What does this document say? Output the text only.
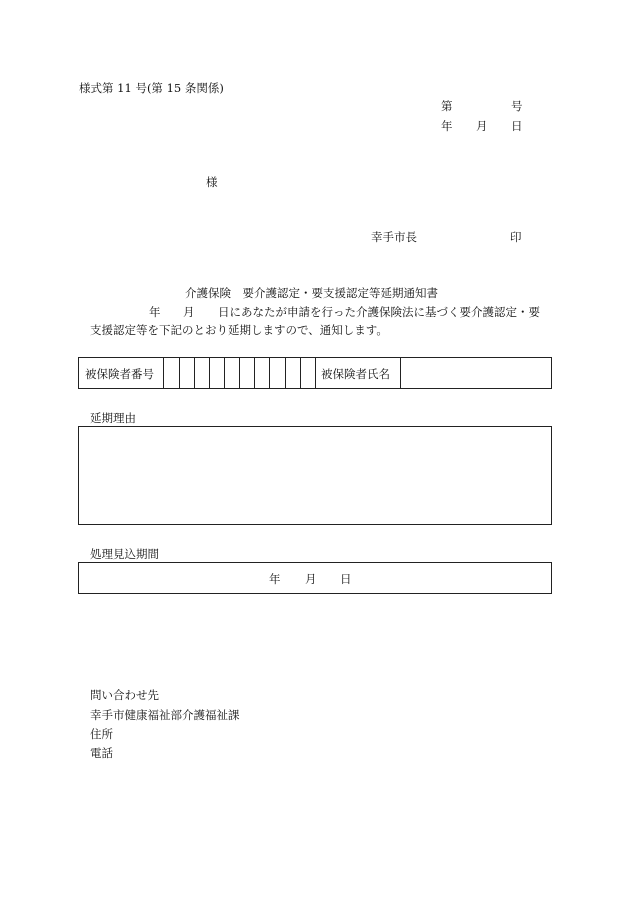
様式第 11 号(第 15 条関係)
第	号
年 月 日
様
幸手市長	印
介護保険　要介護認定・要支援認定等延期通知書
年 月 日にあなたが申請を行った介護保険法に基づく要介護認定・要
支援認定等を下記のとおり延期しますので、通知します。
被保険者番号	被保険者氏名
延期理由
処理見込期間
年 月 日
問い合わせ先
幸手市健康福祉部介護福祉課
住所
電話
